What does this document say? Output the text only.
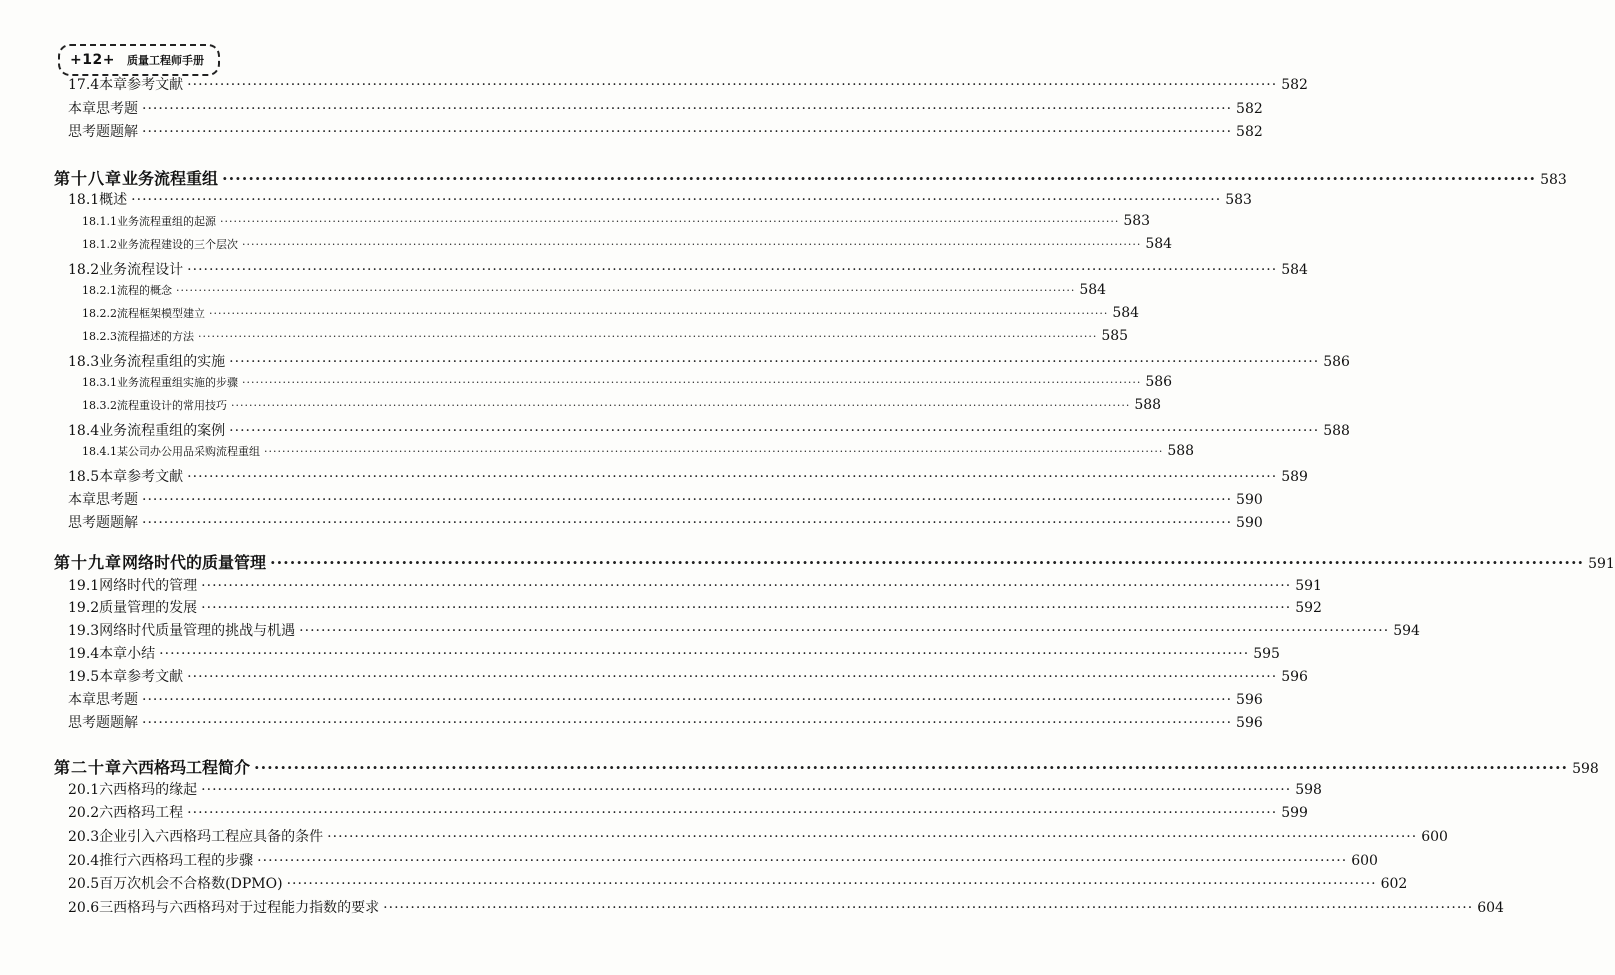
+12+ 质量工程师手册
17.4 本章参考文献 ········································································································································································································ 582
本章思考题 ········································································································································································································ 582
思考题题解 ········································································································································································································ 582
第十八章 业务流程重组 ········································································································································································································ 583
18.1 概述 ········································································································································································································ 583
18.1.1 业务流程重组的起源 ········································································································································································································ 583
18.1.2 业务流程建设的三个层次 ········································································································································································································ 584
18.2 业务流程设计 ········································································································································································································ 584
18.2.1 流程的概念 ········································································································································································································ 584
18.2.2 流程框架模型建立 ········································································································································································································ 584
18.2.3 流程描述的方法 ········································································································································································································ 585
18.3 业务流程重组的实施 ········································································································································································································ 586
18.3.1 业务流程重组实施的步骤 ········································································································································································································ 586
18.3.2 流程重设计的常用技巧 ········································································································································································································ 588
18.4 业务流程重组的案例 ········································································································································································································ 588
18.4.1 某公司办公用品采购流程重组 ········································································································································································································ 588
18.5 本章参考文献 ········································································································································································································ 589
本章思考题 ········································································································································································································ 590
思考题题解 ········································································································································································································ 590
第十九章 网络时代的质量管理 ········································································································································································································ 591
19.1 网络时代的管理 ········································································································································································································ 591
19.2 质量管理的发展 ········································································································································································································ 592
19.3 网络时代质量管理的挑战与机遇 ········································································································································································································ 594
19.4 本章小结 ········································································································································································································ 595
19.5 本章参考文献 ········································································································································································································ 596
本章思考题 ········································································································································································································ 596
思考题题解 ········································································································································································································ 596
第二十章 六西格玛工程简介 ········································································································································································································ 598
20.1 六西格玛的缘起 ········································································································································································································ 598
20.2 六西格玛工程 ········································································································································································································ 599
20.3 企业引入六西格玛工程应具备的条件 ········································································································································································································ 600
20.4 推行六西格玛工程的步骤 ········································································································································································································ 600
20.5 百万次机会不合格数(DPMO) ········································································································································································································ 602
20.6 三西格玛与六西格玛对于过程能力指数的要求 ········································································································································································································ 604
